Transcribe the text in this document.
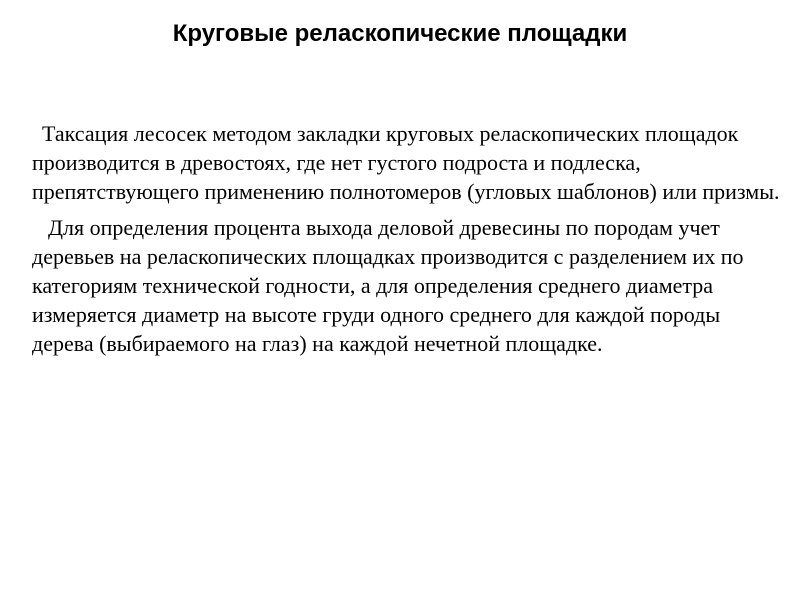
Круговые реласкопические площадки

Таксация лесосек методом закладки круговых реласкопических площадок производится в древостоях, где нет густого подроста и подлеска, препятствующего применению полнотомеров (угловых шаблонов) или призмы.

Для определения процента выхода деловой древесины по породам учет деревьев на реласкопических площадках производится с разделением их по категориям технической годности, а для определения среднего диаметра измеряется диаметр на высоте груди одного среднего для каждой породы дерева (выбираемого на глаз) на каждой нечетной площадке.
